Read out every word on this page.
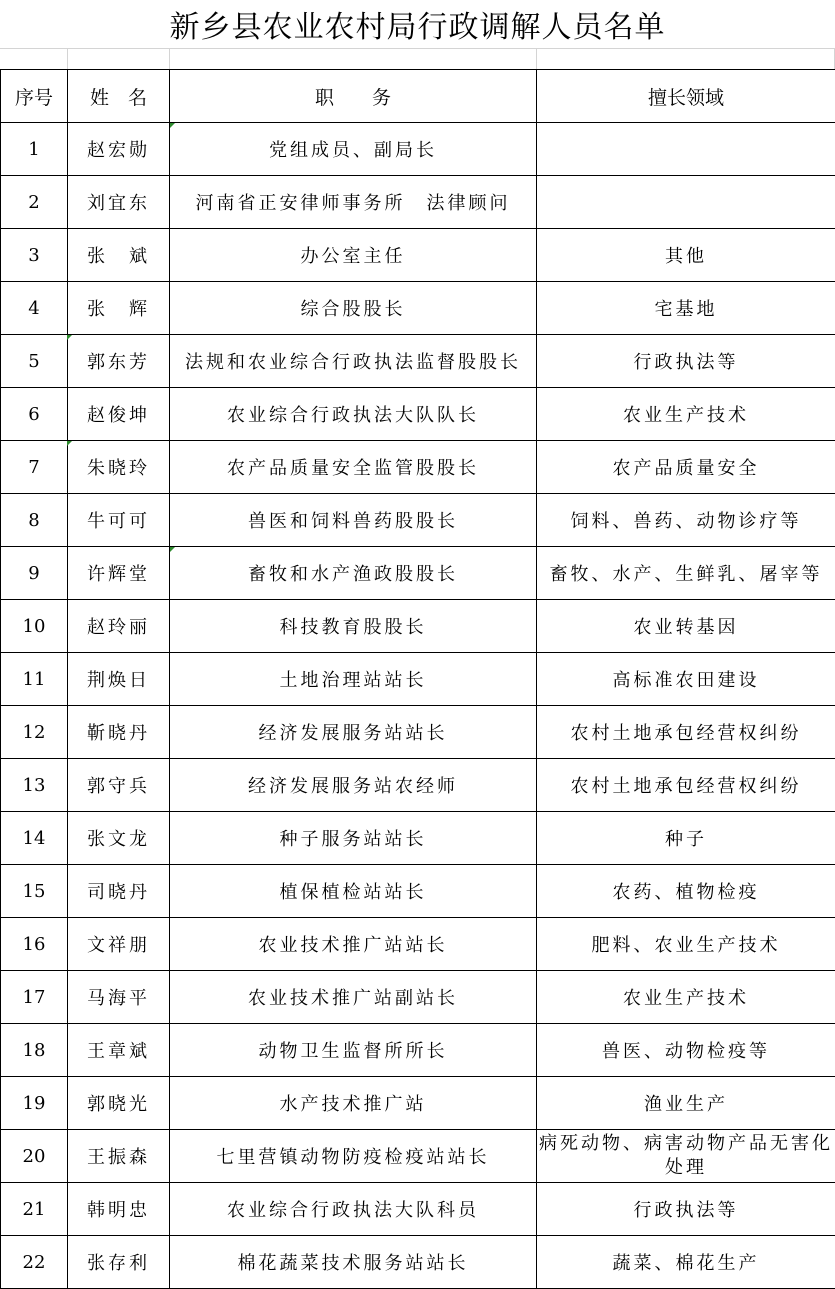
新乡县农业农村局行政调解人员名单
序号	姓　名	职　　务	擅长领域
1	赵宏勋	党组成员、副局长	
2	刘宜东	河南省正安律师事务所　法律顾问	
3	张　斌	办公室主任	其他
4	张　辉	综合股股长	宅基地
5	郭东芳	法规和农业综合行政执法监督股股长	行政执法等
6	赵俊坤	农业综合行政执法大队队长	农业生产技术
7	朱晓玲	农产品质量安全监管股股长	农产品质量安全
8	牛可可	兽医和饲料兽药股股长	饲料、兽药、动物诊疗等
9	许辉堂	畜牧和水产渔政股股长	畜牧、水产、生鲜乳、屠宰等
10	赵玲丽	科技教育股股长	农业转基因
11	荆焕日	土地治理站站长	高标准农田建设
12	靳晓丹	经济发展服务站站长	农村土地承包经营权纠纷
13	郭守兵	经济发展服务站农经师	农村土地承包经营权纠纷
14	张文龙	种子服务站站长	种子
15	司晓丹	植保植检站站长	农药、植物检疫
16	文祥朋	农业技术推广站站长	肥料、农业生产技术
17	马海平	农业技术推广站副站长	农业生产技术
18	王章斌	动物卫生监督所所长	兽医、动物检疫等
19	郭晓光	水产技术推广站	渔业生产
20	王振森	七里营镇动物防疫检疫站站长	病死动物、病害动物产品无害化处理
21	韩明忠	农业综合行政执法大队科员	行政执法等
22	张存利	棉花蔬菜技术服务站站长	蔬菜、棉花生产
